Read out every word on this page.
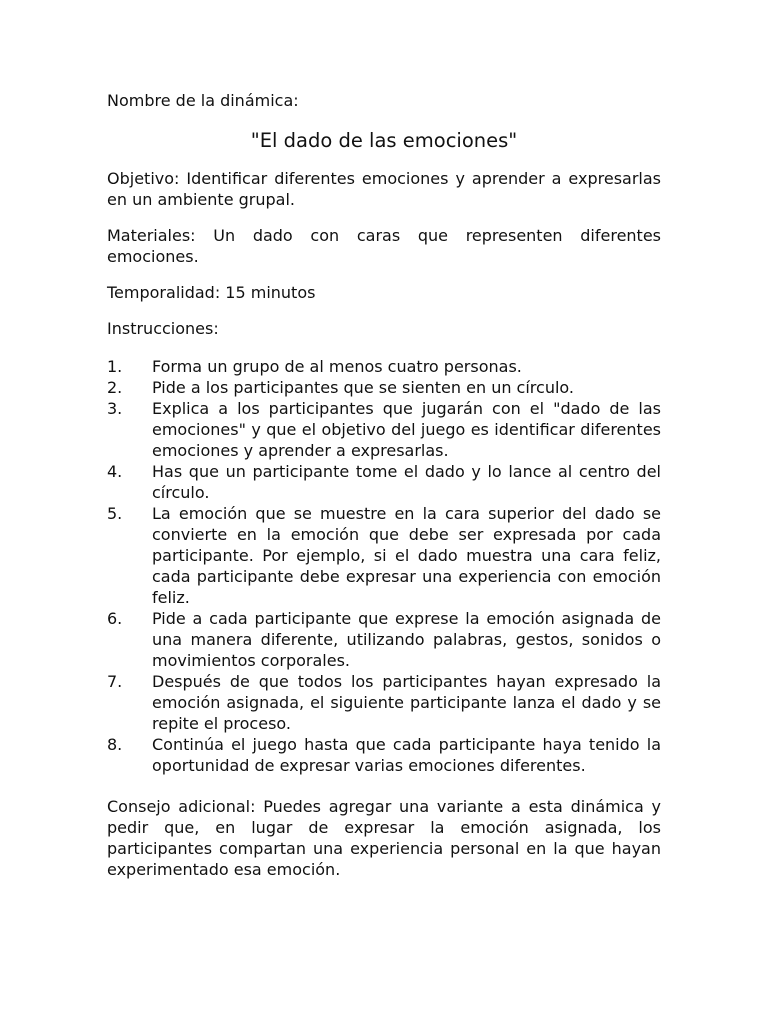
Nombre de la dinámica:

"El dado de las emociones"

Objetivo: Identificar diferentes emociones y aprender a expresarlas en un ambiente grupal.

Materiales: Un dado con caras que representen diferentes emociones.

Temporalidad: 15 minutos

Instrucciones:

1.	Forma un grupo de al menos cuatro personas.
2.	Pide a los participantes que se sienten en un círculo.
3.	Explica a los participantes que jugarán con el "dado de las emociones" y que el objetivo del juego es identificar diferentes emociones y aprender a expresarlas.
4.	Has que un participante tome el dado y lo lance al centro del círculo.
5.	La emoción que se muestre en la cara superior del dado se convierte en la emoción que debe ser expresada por cada participante. Por ejemplo, si el dado muestra una cara feliz, cada participante debe expresar una experiencia con emoción feliz.
6.	Pide a cada participante que exprese la emoción asignada de una manera diferente, utilizando palabras, gestos, sonidos o movimientos corporales.
7.	Después de que todos los participantes hayan expresado la emoción asignada, el siguiente participante lanza el dado y se repite el proceso.
8.	Continúa el juego hasta que cada participante haya tenido la oportunidad de expresar varias emociones diferentes.

Consejo adicional: Puedes agregar una variante a esta dinámica y pedir que, en lugar de expresar la emoción asignada, los participantes compartan una experiencia personal en la que hayan experimentado esa emoción.
